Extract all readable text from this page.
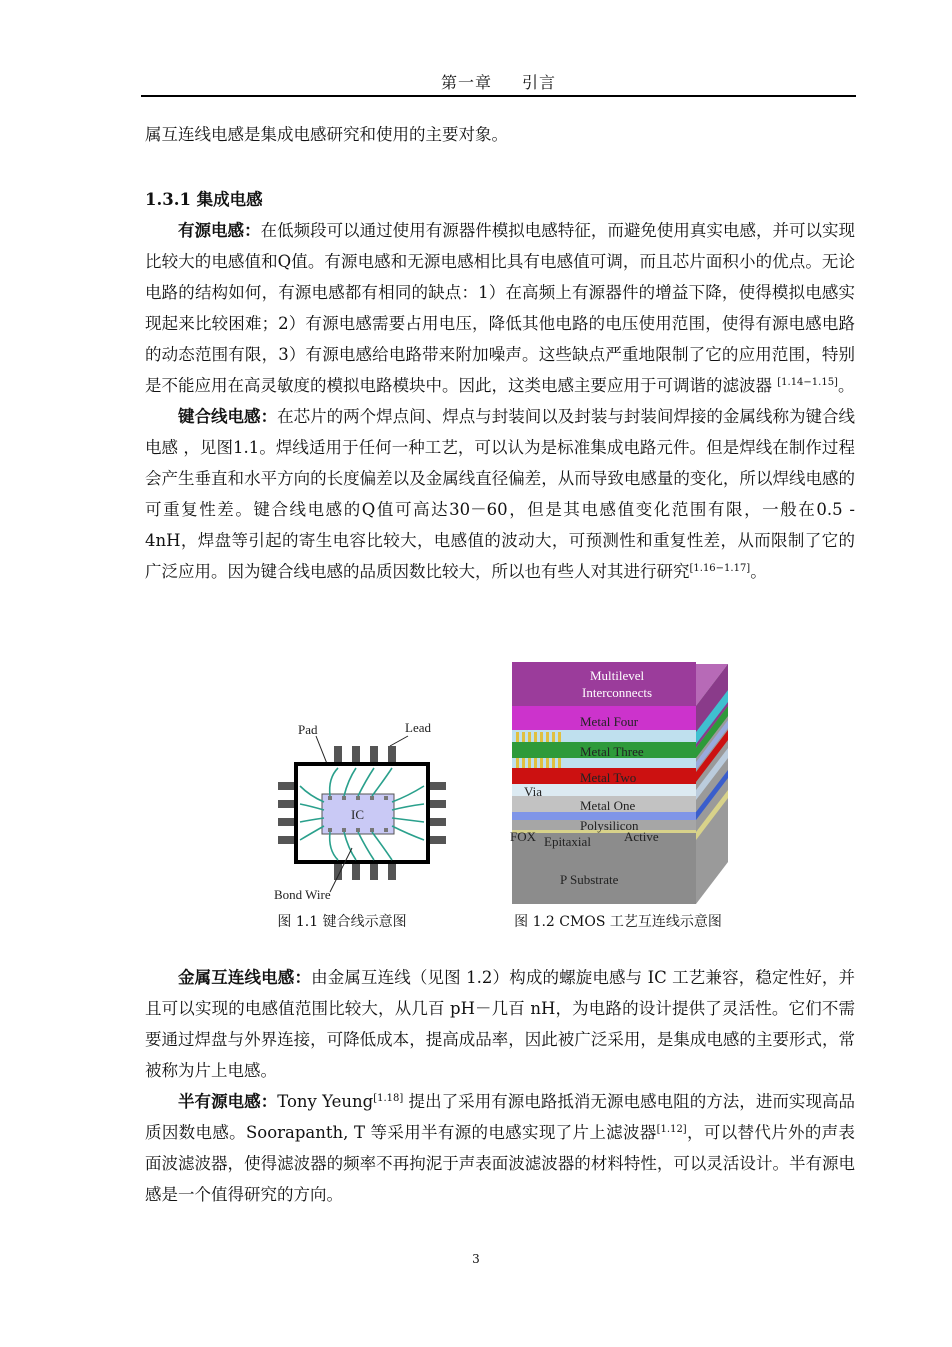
第一章 引言

属互连线电感是集成电感研究和使用的主要对象。

1.3.1 集成电感

有源电感：在低频段可以通过使用有源器件模拟电感特征，而避免使用真实电感，并可以实现比较大的电感值和Q值。有源电感和无源电感相比具有电感值可调，而且芯片面积小的优点。无论电路的结构如何，有源电感都有相同的缺点：1）在高频上有源器件的增益下降，使得模拟电感实现起来比较困难；2）有源电感需要占用电压，降低其他电路的电压使用范围，使得有源电感电路的动态范围有限，3）有源电感给电路带来附加噪声。这些缺点严重地限制了它的应用范围，特别是不能应用在高灵敏度的模拟电路模块中。因此，这类电感主要应用于可调谐的滤波器 [1.14−1.15]。

键合线电感：在芯片的两个焊点间、焊点与封装间以及封装与封装间焊接的金属线称为键合线电感 ，见图1.1。焊线适用于任何一种工艺，可以认为是标准集成电路元件。但是焊线在制作过程会产生垂直和水平方向的长度偏差以及金属线直径偏差，从而导致电感量的变化，所以焊线电感的可重复性差。键合线电感的Q值可高达30－60，但是其电感值变化范围有限，一般在0.5 - 4nH，焊盘等引起的寄生电容比较大，电感值的波动大，可预测性和重复性差，从而限制了它的广泛应用。因为键合线电感的品质因数比较大，所以也有些人对其进行研究[1.16−1.17]。

Pad	Lead
IC
Bond Wire
图 1.1 键合线示意图
Multilevel
Interconnects
Metal Four
Metal Three
Metal Two
Via
Metal One
Polysilicon
FOX Epitaxial	Active
P Substrate
图 1.2 CMOS 工艺互连线示意图

金属互连线电感：由金属互连线（见图 1.2）构成的螺旋电感与 IC 工艺兼容，稳定性好，并且可以实现的电感值范围比较大，从几百 pH－几百 nH，为电路的设计提供了灵活性。它们不需要通过焊盘与外界连接，可降低成本，提高成品率，因此被广泛采用，是集成电感的主要形式，常被称为片上电感。

半有源电感：Tony Yeung[1.18] 提出了采用有源电路抵消无源电感电阻的方法，进而实现高品质因数电感。Soorapanth, T 等采用半有源的电感实现了片上滤波器[1.12]，可以替代片外的声表面波滤波器，使得滤波器的频率不再拘泥于声表面波滤波器的材料特性，可以灵活设计。半有源电感是一个值得研究的方向。

3
